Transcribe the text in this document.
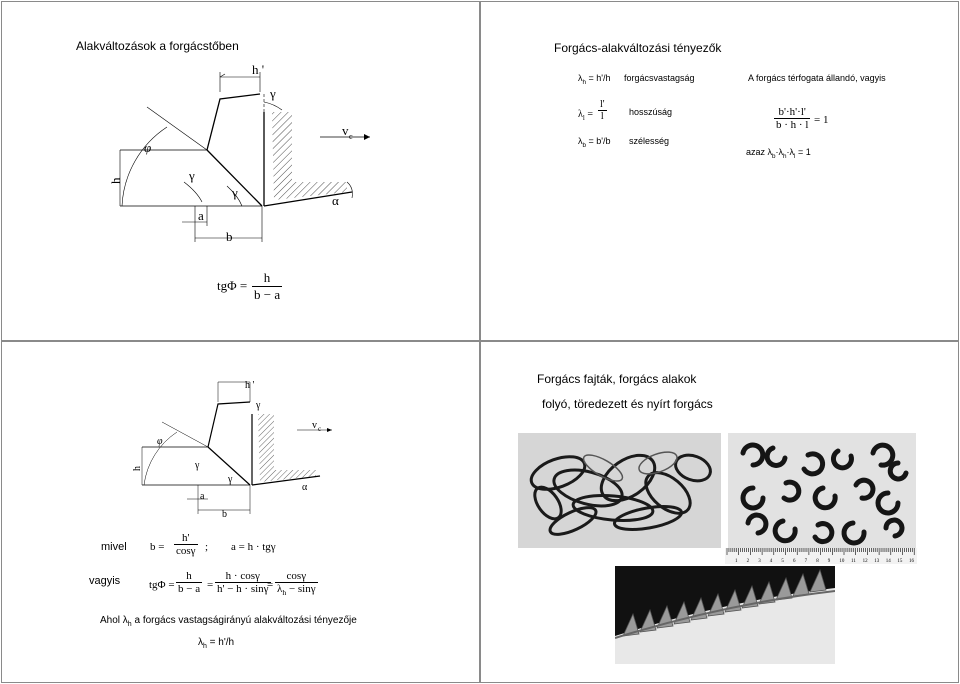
Alakváltozások a forgácstőben
h '
γ
v c
φ
h	γ
γ
α
a
b
$tg\Phi = \frac{h}{b - a}$
Forgács-alakváltozási tényezők
$\lambda_h = h'/h$ forgácsvastagság	A forgács térfogata állandó, vagyis
$\lambda_l = \frac{l'}{l}$ hosszúság	$\frac{b'\cdot h'\cdot l'}{b \cdot h \cdot l} = 1$
$\lambda_b = b'/b$ szélesség
azaz $\lambda_b\cdot\lambda_h\cdot\lambda_l = 1$
h '
γ
v c
φ
h	γ
γ
α
a
b
mivel $b = \frac{h'}{\cos\gamma}$ ; a = h · tgγ
vagyis	$tg\Phi = \frac{h}{b - a} = \frac{h \cdot \cos\gamma}{h' - h \cdot \sin\gamma}$
= $\frac{\cos\gamma}{\lambda_h - \sin\gamma}$
Ahol $\lambda_h$ a forgács vastagságirányú alakváltozási tényezője
$\lambda_h = h'/h$
Forgács fajták, forgács alakok
folyó, töredezett és nyírt forgács
1 2 3 4 5 6 7 8 9 10 11 12 13 14 15 16
